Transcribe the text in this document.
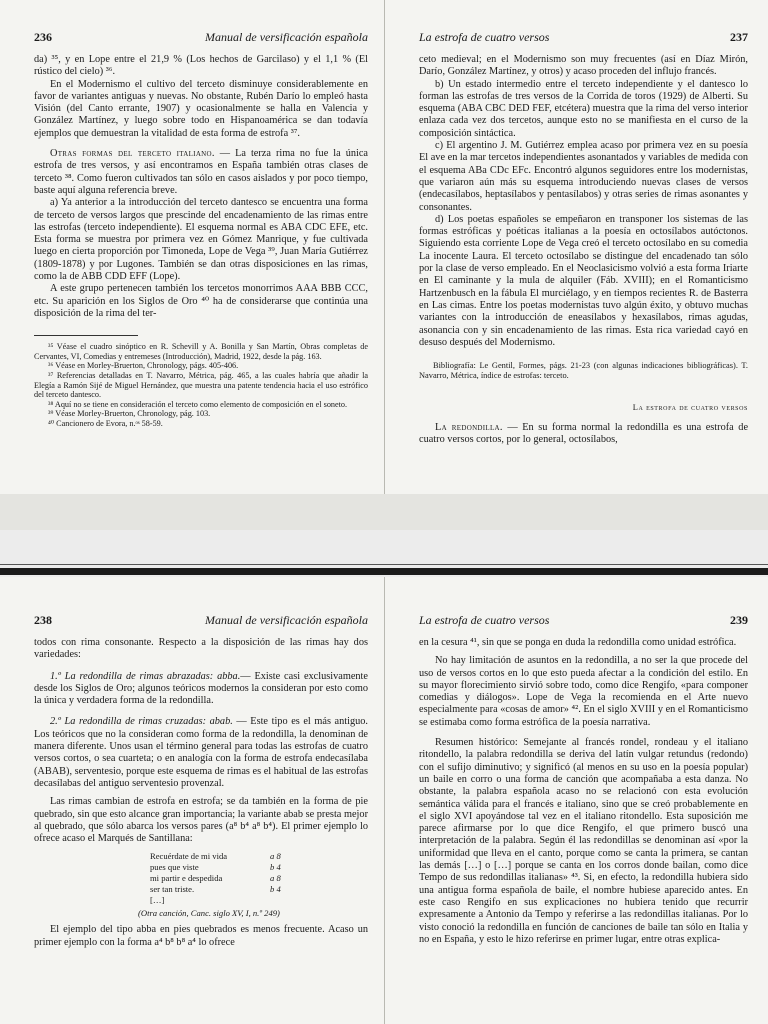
236	Manual de versificación española

da) ³⁵, y en Lope entre el 21,9 % (Los hechos de Garcilaso) y el 1,1 % (El rústico del cielo) ³⁶.

En el Modernismo el cultivo del terceto disminuye considerablemente en favor de variantes antiguas y nuevas. No obstante, Rubén Darío lo empleó hasta Visión (del Canto errante, 1907) y ocasionalmente se halla en Valencia y González Martínez, y luego sobre todo en Hispanoamérica se dan todavía ejemplos que demuestran la vitalidad de esta forma de estrofa ³⁷.

Otras formas del terceto italiano. — La terza rima no fue la única estrofa de tres versos, y así encontramos en España también otras clases de terceto ³⁸. Como fueron cultivados tan sólo en casos aislados y por poco tiempo, baste aquí alguna referencia breve.

a) Ya anterior a la introducción del terceto dantesco se encuentra una forma de terceto de versos largos que prescinde del encadenamiento de las rimas entre las estrofas (terceto independiente). El esquema normal es ABA CDC EFE, etc. Esta forma se muestra por primera vez en Gómez Manrique, y fue cultivada luego en cierta proporción por Timoneda, Lope de Vega ³⁹, Juan María Gutiérrez (1809-1878) y por Lugones. También se dan otras disposiciones en las rimas, como la de ABB CDD EFF (Lope).

A este grupo pertenecen también los tercetos monorrimos AAA BBB CCC, etc. Su aparición en los Siglos de Oro ⁴⁰ ha de considerarse que continúa una disposición de la rima del ter-

³⁵ Véase el cuadro sinóptico en R. Schevill y A. Bonilla y San Martín, Obras completas de Cervantes, VI, Comedias y entremeses (Introducción), Madrid, 1922, desde la pág. 163.

³⁶ Véase en Morley-Bruerton, Chronology, págs. 405-406.

³⁷ Referencias detalladas en T. Navarro, Métrica, pág. 465, a las cuales habría que añadir la Elegía a Ramón Sijé de Miguel Hernández, que muestra una patente tendencia hacia el uso estrófico del terceto dantesco.

³⁸ Aquí no se tiene en consideración el terceto como elemento de composición en el soneto.

³⁹ Véase Morley-Bruerton, Chronology, pág. 103.

⁴⁰ Cancionero de Evora, n.ᵒˢ 58-59.

La estrofa de cuatro versos	237

ceto medieval; en el Modernismo son muy frecuentes (así en Díaz Mirón, Darío, González Martínez, y otros) y acaso proceden del influjo francés.

b) Un estado intermedio entre el terceto independiente y el dantesco lo forman las estrofas de tres versos de la Corrida de toros (1929) de Alberti. Su esquema (ABA CBC DED FEF, etcétera) muestra que la rima del verso interior enlaza cada vez dos tercetos, aunque esto no se manifiesta en el curso de la composición sintáctica.

c) El argentino J. M. Gutiérrez emplea acaso por primera vez en su poesía El ave en la mar tercetos independientes asonantados y variables de medida con el esquema ABa CDc EFc. Encontró algunos seguidores entre los modernistas, que variaron aún más su esquema introduciendo nuevas clases de versos (endecasílabos, heptasílabos y pentasílabos) y otras series de rimas asonantes y consonantes.

d) Los poetas españoles se empeñaron en transponer los sistemas de las formas estróficas y poéticas italianas a la poesía en octosílabos autóctonos. Siguiendo esta corriente Lope de Vega creó el terceto octosílabo en su comedia La inocente Laura. El terceto octosílabo se distingue del encadenado tan sólo por la clase de verso empleado. En el Neoclasicismo volvió a esta forma Iriarte en El caminante y la mula de alquiler (Fáb. XVIII); en el Romanticismo Hartzenbusch en la fábula El murciélago, y en tiempos recientes R. de Basterra en Las cimas. Entre los poetas modernistas tuvo algún éxito, y obtuvo muchas variantes con la introducción de eneasílabos y hexasílabos, rimas agudas, asonancia con y sin encadenamiento de las rimas. Esta rica variedad cayó en desuso después del Modernismo.

Bibliografía: Le Gentil, Formes, págs. 21-23 (con algunas indicaciones bibliográficas). T. Navarro, Métrica, índice de estrofas: terceto.

La estrofa de cuatro versos

La redondilla. — En su forma normal la redondilla es una estrofa de cuatro versos cortos, por lo general, octosílabos,

238	Manual de versificación española

todos con rima consonante. Respecto a la disposición de las rimas hay dos variedades:

1.º La redondilla de rimas abrazadas: abba.— Existe casi exclusivamente desde los Siglos de Oro; algunos teóricos modernos la consideran por esto como la única y verdadera forma de la redondilla.

2.º La redondilla de rimas cruzadas: abab. — Este tipo es el más antiguo. Los teóricos que no la consideran como forma de la redondilla, la denominan de manera diferente. Unos usan el término general para todas las estrofas de cuatro versos cortos, o sea cuarteta; o en analogía con la forma de estrofa endecasílaba (ABAB), serventesio, porque este esquema de rimas es el habitual de las estrofas decasílabas del antiguo serventesio provenzal.

Las rimas cambian de estrofa en estrofa; se da también en la forma de pie quebrado, sin que esto alcance gran importancia; la variante abab se presta mejor al quebrado, que sólo abarca los versos pares (a⁸ b⁴ a⁸ b⁴). El primer ejemplo lo ofrece acaso el Marqués de Santillana:

Recuérdate de mi vida	a 8
pues que viste	b 4
mi partir e despedida	a 8
ser tan triste.	b 4
[…]
(Otra canción, Canc. siglo XV, I, n.º 249)

El ejemplo del tipo abba en pies quebrados es menos frecuente. Acaso un primer ejemplo con la forma a⁴ b⁸ b⁸ a⁴ lo ofrece

La estrofa de cuatro versos	239

en la cesura ⁴¹, sin que se ponga en duda la redondilla como unidad estrófica.

No hay limitación de asuntos en la redondilla, a no ser la que procede del uso de versos cortos en lo que esto pueda afectar a la condición del estilo. En su mayor florecimiento sirvió sobre todo, como dice Rengifo, «para componer comedias y diálogos». Lope de Vega la recomienda en el Arte nuevo especialmente para «cosas de amor» ⁴². En el siglo XVIII y en el Romanticismo se estimaba como forma estrófica de la poesía narrativa.

Resumen histórico: Semejante al francés rondel, rondeau y el italiano ritondello, la palabra redondilla se deriva del latín vulgar retundus (redondo) con el sufijo diminutivo; y significó (al menos en su uso en la poesía popular) un baile en corro o una forma de canción que acompañaba a esta danza. No obstante, la palabra española acaso no se relacionó con esta evolución semántica válida para el francés e italiano, sino que se creó probablemente en el siglo XVI apoyándose tal vez en el italiano ritondello. Esta suposición me parece afirmarse por lo que dice Rengifo, el que primero buscó una interpretación de la palabra. Según él las redondillas se denominan así «por la uniformidad que lleva en el canto, porque como se canta la primera, se cantan las demás […] o […] porque se canta en los corros donde bailan, como dice Tempo de sus redondillas italianas» ⁴³. Si, en efecto, la redondilla hubiera sido una antigua forma española de baile, el nombre hubiese aparecido antes. En este caso Rengifo en sus explicaciones no hubiera tenido que recurrir expresamente a Antonio da Tempo y referirse a las redondillas italianas. Por lo visto conoció la redondilla en función de canciones de baile tan sólo en Italia y no en España, y esto le hizo referirse en primer lugar, entre otras explica-
